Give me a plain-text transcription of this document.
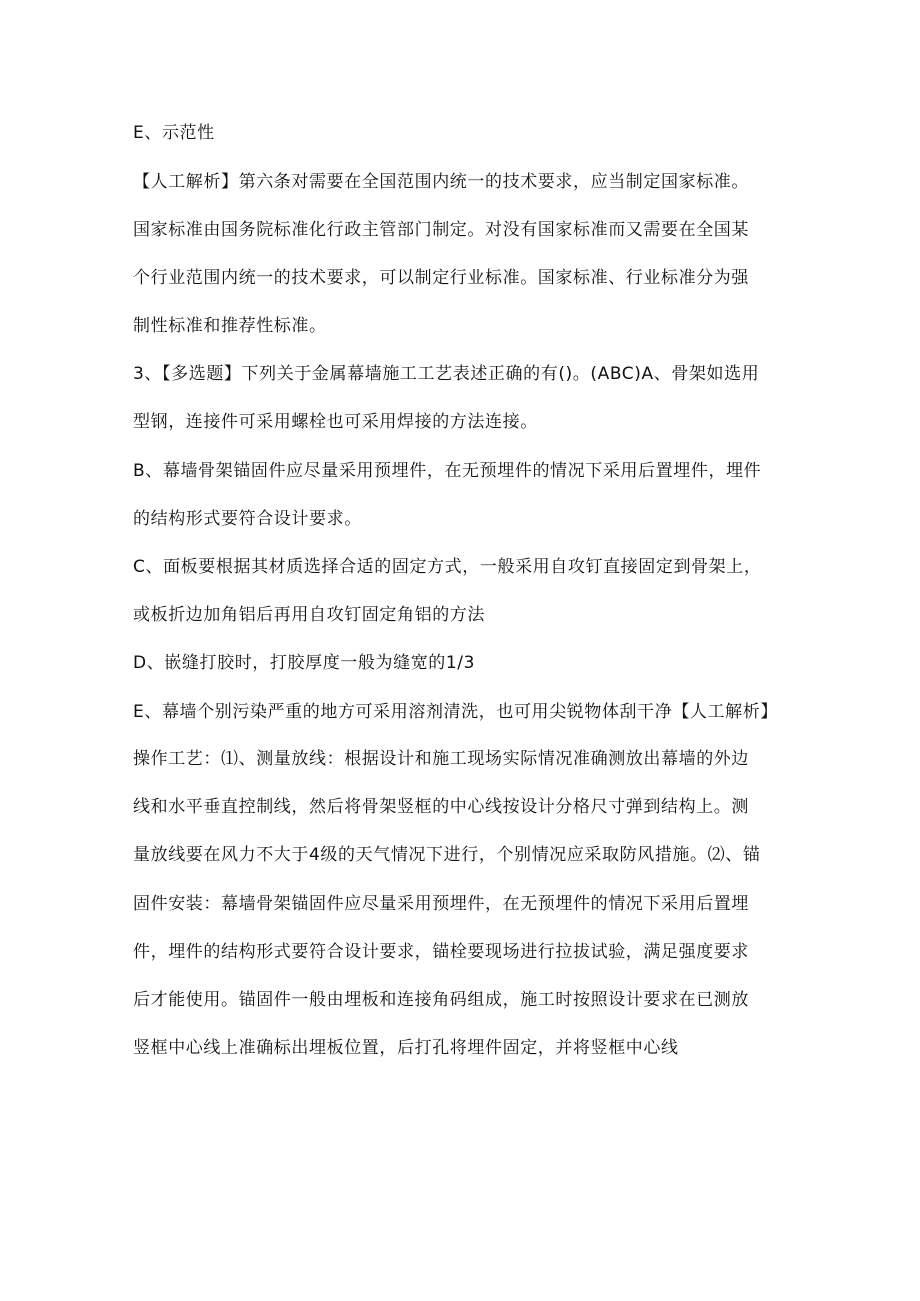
E、示范性
【人工解析】第六条对需要在全国范围内统一的技术要求，应当制定国家标准。
国家标准由国务院标准化行政主管部门制定。对没有国家标准而又需要在全国某
个行业范围内统一的技术要求，可以制定行业标准。国家标准、行业标准分为强
制性标准和推荐性标准。
3、【多选题】下列关于金属幕墙施工工艺表述正确的有()。(ABC)A、骨架如选用
型钢，连接件可采用螺栓也可采用焊接的方法连接。
B、幕墙骨架锚固件应尽量采用预埋件，在无预埋件的情况下采用后置埋件，埋件
的结构形式要符合设计要求。
C、面板要根据其材质选择合适的固定方式，一般采用自攻钉直接固定到骨架上，
或板折边加角铝后再用自攻钉固定角铝的方法
D、嵌缝打胶时，打胶厚度一般为缝宽的1/3
E、幕墙个别污染严重的地方可采用溶剂清洗，也可用尖锐物体刮干净【人工解析】
操作工艺：⑴、测量放线：根据设计和施工现场实际情况准确测放出幕墙的外边
线和水平垂直控制线，然后将骨架竖框的中心线按设计分格尺寸弹到结构上。测
量放线要在风力不大于4级的天气情况下进行，个别情况应采取防风措施。⑵、锚
固件安装：幕墙骨架锚固件应尽量采用预埋件，在无预埋件的情况下采用后置埋
件，埋件的结构形式要符合设计要求，锚栓要现场进行拉拔试验，满足强度要求
后才能使用。锚固件一般由埋板和连接角码组成，施工时按照设计要求在已测放
竖框中心线上准确标出埋板位置，后打孔将埋件固定，并将竖框中心线
